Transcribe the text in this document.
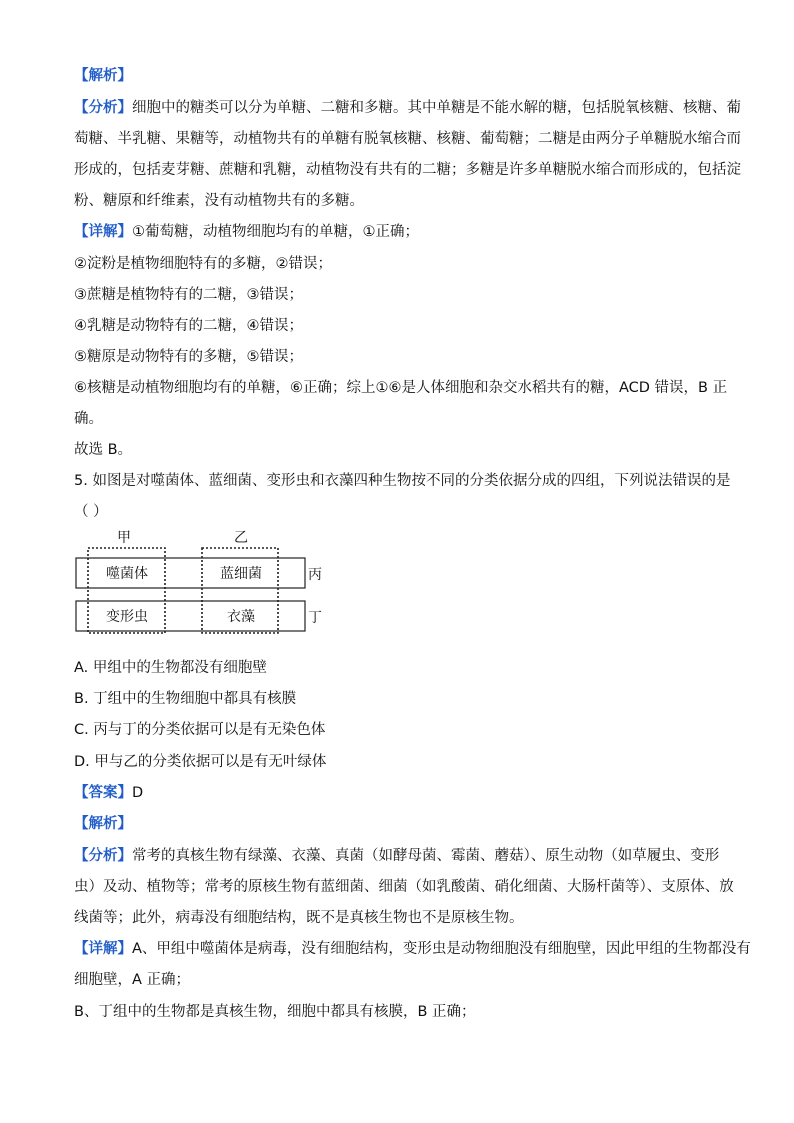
【解析】
【分析】细胞中的糖类可以分为单糖、二糖和多糖。其中单糖是不能水解的糖，包括脱氧核糖、核糖、葡
萄糖、半乳糖、果糖等，动植物共有的单糖有脱氧核糖、核糖、葡萄糖；二糖是由两分子单糖脱水缩合而
形成的，包括麦芽糖、蔗糖和乳糖，动植物没有共有的二糖；多糖是许多单糖脱水缩合而形成的，包括淀
粉、糖原和纤维素，没有动植物共有的多糖。
【详解】①葡萄糖，动植物细胞均有的单糖，①正确；
②淀粉是植物细胞特有的多糖，②错误；
③蔗糖是植物特有的二糖，③错误；
④乳糖是动物特有的二糖，④错误；
⑤糖原是动物特有的多糖，⑤错误；
⑥核糖是动植物细胞均有的单糖，⑥正确；综上①⑥是人体细胞和杂交水稻共有的糖，ACD 错误，B 正
确。
故选 B。
5. 如图是对噬菌体、蓝细菌、变形虫和衣藻四种生物按不同的分类依据分成的四组，下列说法错误的是
（ ）
甲	乙
丙
丁
噬菌体	蓝细菌
变形虫	衣藻
A. 甲组中的生物都没有细胞壁
B. 丁组中的生物细胞中都具有核膜
C. 丙与丁的分类依据可以是有无染色体
D. 甲与乙的分类依据可以是有无叶绿体
【答案】D
【解析】
【分析】常考的真核生物有绿藻、衣藻、真菌（如酵母菌、霉菌、蘑菇）、原生动物（如草履虫、变形
虫）及动、植物等；常考的原核生物有蓝细菌、细菌（如乳酸菌、硝化细菌、大肠杆菌等）、支原体、放
线菌等；此外，病毒没有细胞结构，既不是真核生物也不是原核生物。
【详解】A、甲组中噬菌体是病毒，没有细胞结构，变形虫是动物细胞没有细胞壁，因此甲组的生物都没有
细胞壁，A 正确；
B、丁组中的生物都是真核生物，细胞中都具有核膜，B 正确；
